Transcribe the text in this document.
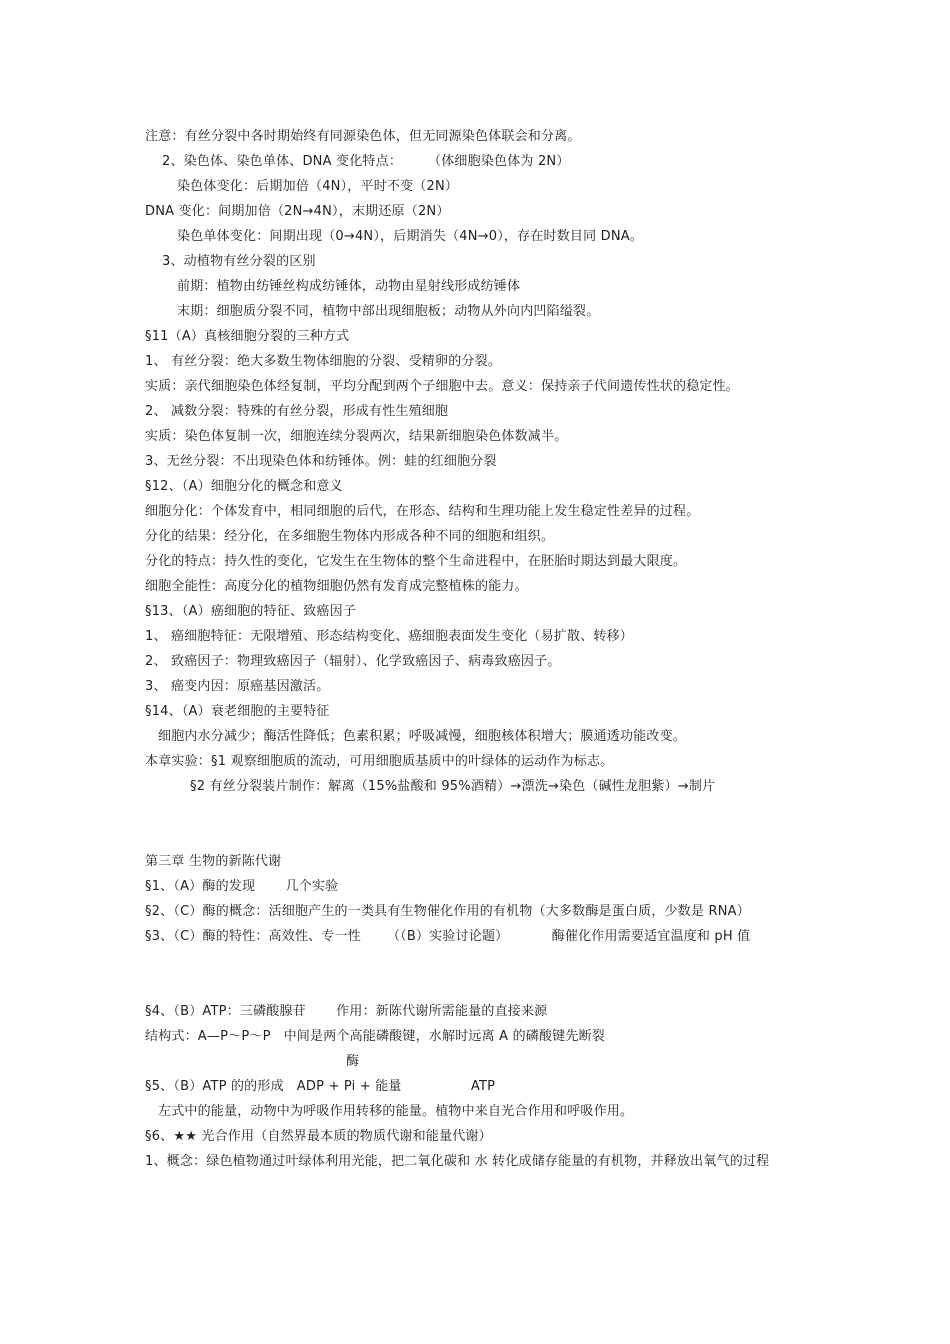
注意：有丝分裂中各时期始终有同源染色体，但无同源染色体联会和分离。
2、染色体、染色单体、DNA 变化特点：      （体细胞染色体为 2N）
染色体变化：后期加倍（4N），平时不变（2N）
DNA 变化：间期加倍（2N→4N），末期还原（2N）
染色单体变化：间期出现（0→4N），后期消失（4N→0），存在时数目同 DNA。
3、动植物有丝分裂的区别
前期：植物由纺锤丝构成纺锤体，动物由星射线形成纺锤体
末期：细胞质分裂不同，植物中部出现细胞板；动物从外向内凹陷缢裂。
§11（A）真核细胞分裂的三种方式
1、 有丝分裂：绝大多数生物体细胞的分裂、受精卵的分裂。
实质：亲代细胞染色体经复制，平均分配到两个子细胞中去。意义：保持亲子代间遗传性状的稳定性。
2、 减数分裂：特殊的有丝分裂，形成有性生殖细胞
实质：染色体复制一次，细胞连续分裂两次，结果新细胞染色体数减半。
3、无丝分裂：不出现染色体和纺锤体。例：蛙的红细胞分裂
§12、（A）细胞分化的概念和意义
细胞分化：个体发育中，相同细胞的后代，在形态、结构和生理功能上发生稳定性差异的过程。
分化的结果：经分化，在多细胞生物体内形成各种不同的细胞和组织。
分化的特点：持久性的变化，它发生在生物体的整个生命进程中，在胚胎时期达到最大限度。
细胞全能性：高度分化的植物细胞仍然有发育成完整植株的能力。
§13、（A）癌细胞的特征、致癌因子
1、 癌细胞特征：无限增殖、形态结构变化、癌细胞表面发生变化（易扩散、转移）
2、 致癌因子：物理致癌因子（辐射）、化学致癌因子、病毒致癌因子。
3、 癌变内因：原癌基因激活。
§14、（A）衰老细胞的主要特征
细胞内水分减少；酶活性降低；色素积累；呼吸减慢，细胞核体积增大；膜通透功能改变。
本章实验：§1 观察细胞质的流动，可用细胞质基质中的叶绿体的运动作为标志。
§2 有丝分裂装片制作：解离（15%盐酸和 95%酒精）→漂洗→染色（碱性龙胆紫）→制片
第三章 生物的新陈代谢
§1、（A）酶的发现       几个实验
§2、（C）酶的概念：活细胞产生的一类具有生物催化作用的有机物（大多数酶是蛋白质，少数是 RNA）
§3、（C）酶的特性：高效性、专一性      （（B）实验讨论题）          酶催化作用需要适宜温度和 pH 值
§4、（B）ATP：三磷酸腺苷       作用：新陈代谢所需能量的直接来源
结构式：A—P～P～P   中间是两个高能磷酸键，水解时远离 A 的磷酸键先断裂
酶
§5、（B）ATP 的的形成   ADP + Pi + 能量                ATP
左式中的能量，动物中为呼吸作用转移的能量。植物中来自光合作用和呼吸作用。
§6、★★ 光合作用（自然界最本质的物质代谢和能量代谢）
1、概念：绿色植物通过叶绿体利用光能，把二氧化碳和 水 转化成储存能量的有机物，并释放出氧气的过程
